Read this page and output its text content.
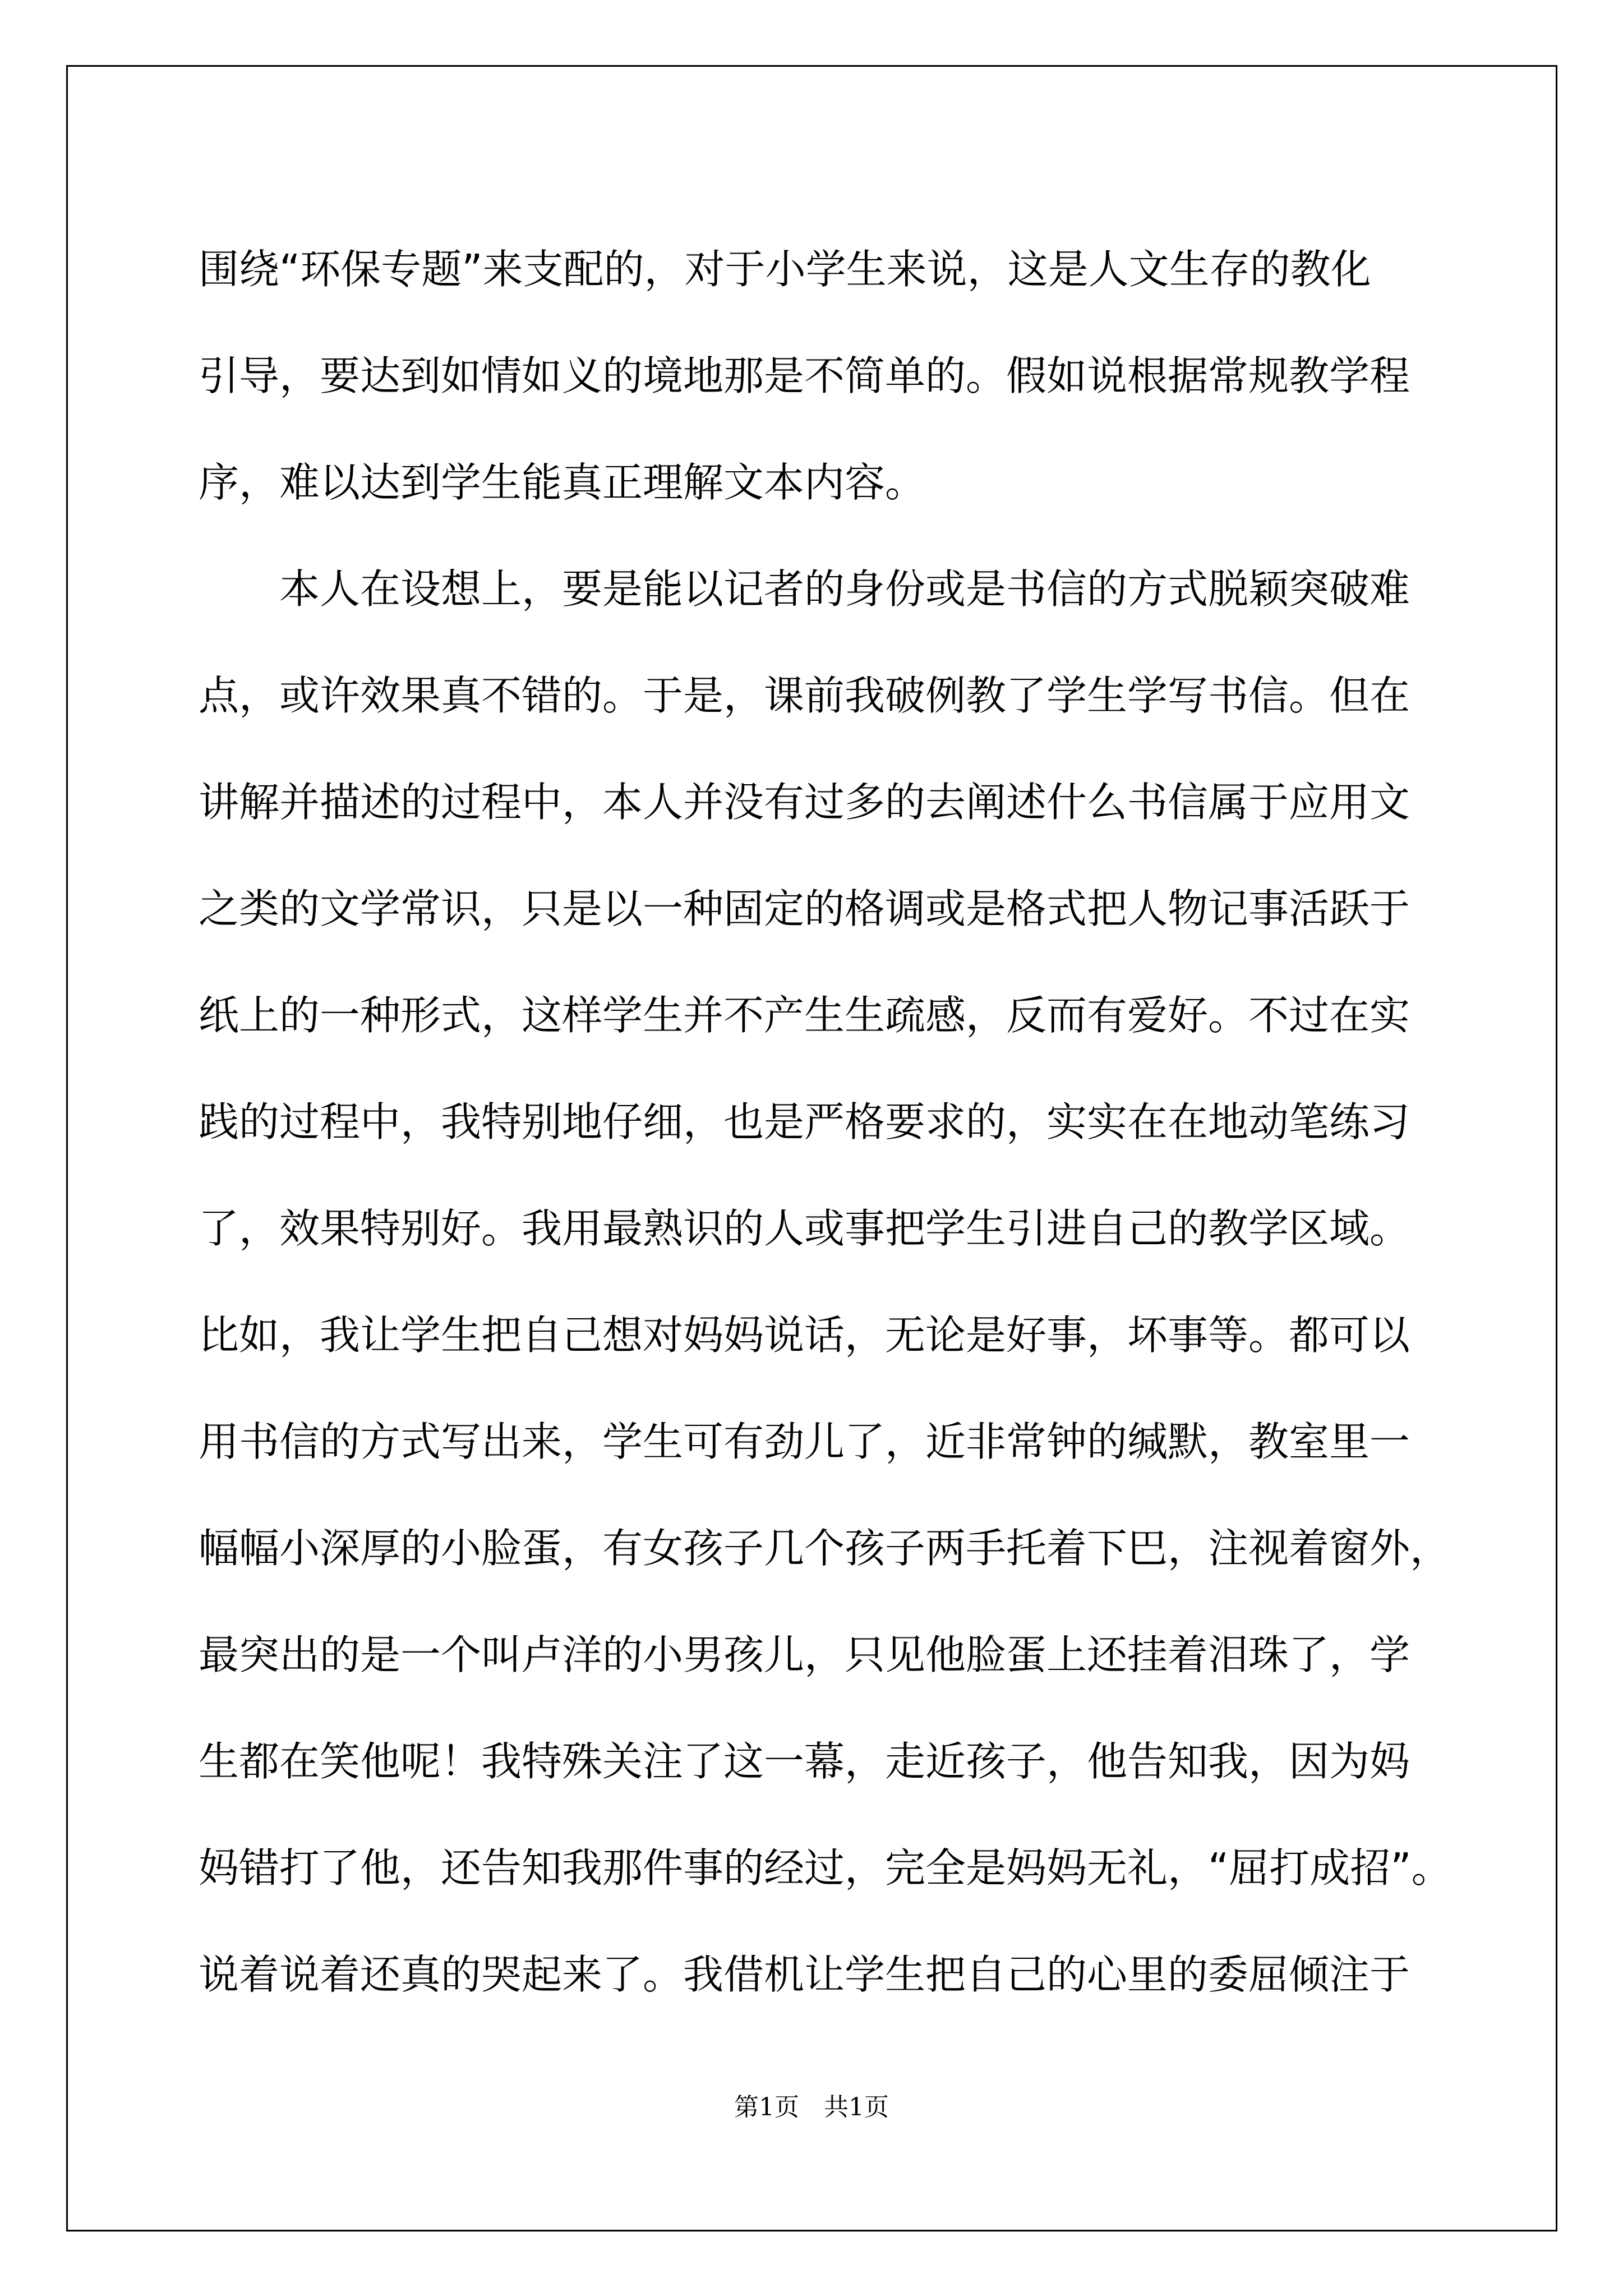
围绕“环保专题”来支配的，对于小学生来说，这是人文生存的教化
引导，要达到如情如义的境地那是不简单的。假如说根据常规教学程
序，难以达到学生能真正理解文本内容。
本人在设想上，要是能以记者的身份或是书信的方式脱颖突破难
点，或许效果真不错的。于是，课前我破例教了学生学写书信。但在
讲解并描述的过程中，本人并没有过多的去阐述什么书信属于应用文
之类的文学常识，只是以一种固定的格调或是格式把人物记事活跃于
纸上的一种形式，这样学生并不产生生疏感，反而有爱好。不过在实
践的过程中，我特别地仔细，也是严格要求的，实实在在地动笔练习
了，效果特别好。我用最熟识的人或事把学生引进自己的教学区域。
比如，我让学生把自己想对妈妈说话，无论是好事，坏事等。都可以
用书信的方式写出来，学生可有劲儿了，近非常钟的缄默，教室里一
幅幅小深厚的小脸蛋，有女孩子几个孩子两手托着下巴，注视着窗外，
最突出的是一个叫卢洋的小男孩儿，只见他脸蛋上还挂着泪珠了，学
生都在笑他呢！我特殊关注了这一幕，走近孩子，他告知我，因为妈
妈错打了他，还告知我那件事的经过，完全是妈妈无礼，“屈打成招”。
说着说着还真的哭起来了。我借机让学生把自己的心里的委屈倾注于
第1页　共1页
